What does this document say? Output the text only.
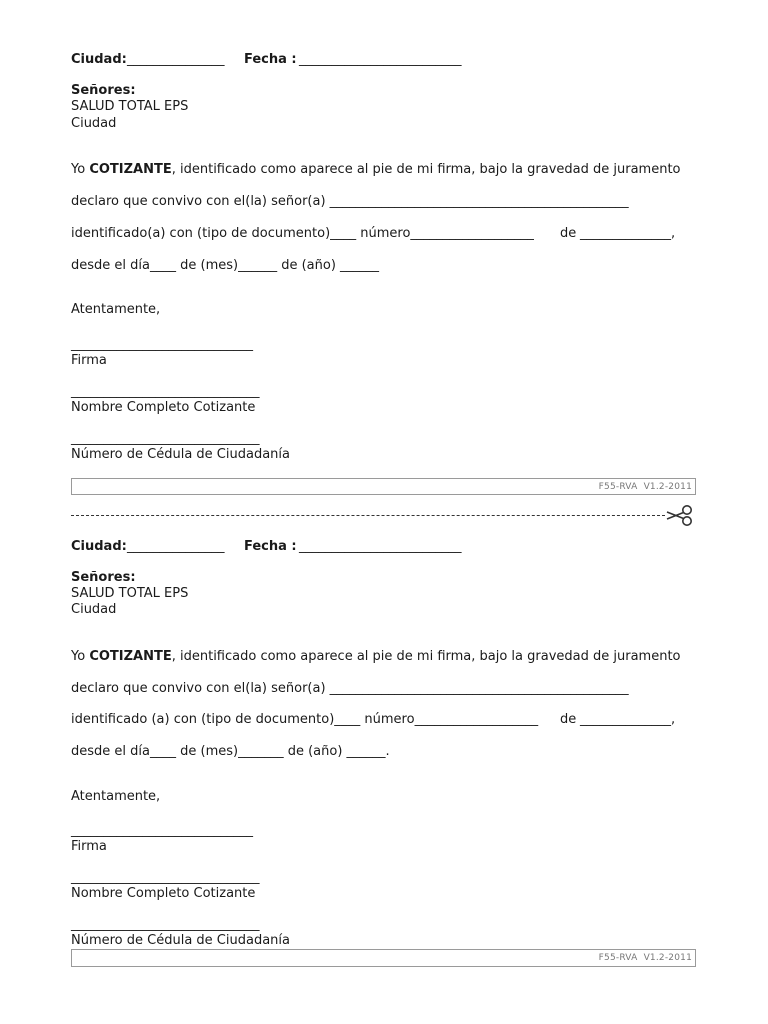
Ciudad: _______________ Fecha : _________________________
Señores:
SALUD TOTAL EPS
Ciudad
Yo COTIZANTE, identificado como aparece al pie de mi firma, bajo la gravedad de juramento
declaro que convivo con el(la) señor(a) ______________________________________________
identificado(a) con (tipo de documento)____ número___________________ de ______________,
desde el día____ de (mes)______ de (año) ______
Atentamente,
____________________________
Firma
_____________________________
Nombre Completo Cotizante
_____________________________
Número de Cédula de Ciudadanía
F55-RVA  V1.2-2011
Ciudad: _______________ Fecha : _________________________
Señores:
SALUD TOTAL EPS
Ciudad
Yo COTIZANTE, identificado como aparece al pie de mi firma, bajo la gravedad de juramento
declaro que convivo con el(la) señor(a) ______________________________________________
identificado (a) con (tipo de documento)____ número___________________ de ______________,
desde el día____ de (mes)_______ de (año) ______.
Atentamente,
____________________________
Firma
_____________________________
Nombre Completo Cotizante
_____________________________
Número de Cédula de Ciudadanía
F55-RVA  V1.2-2011
